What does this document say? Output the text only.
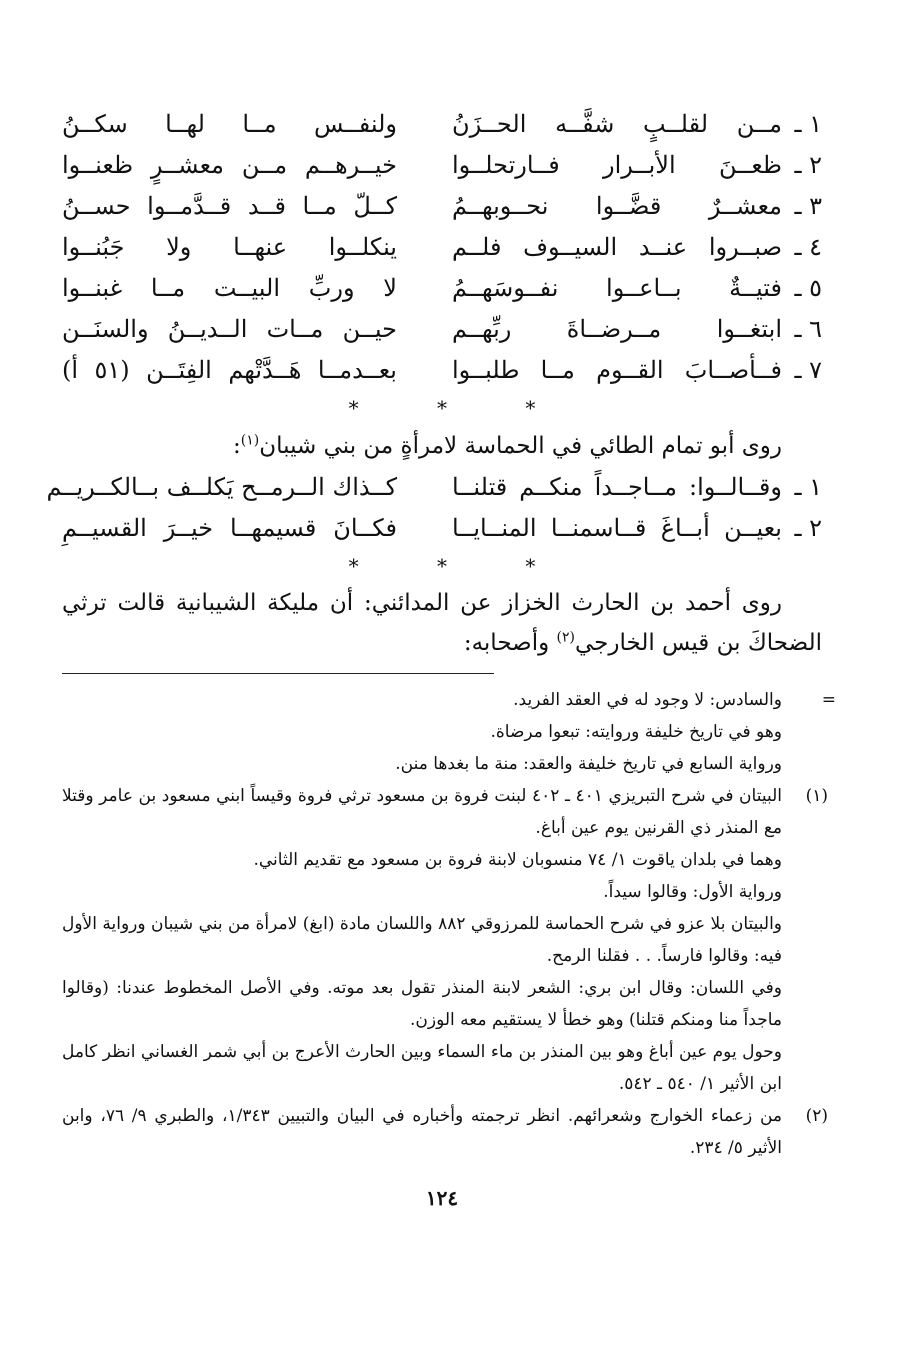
١ ـ
مــن لقلــبٍ شفَّــه الحــزَنُ
ولنفــس مــا لهــا سكــنُ
٢ ـ
ظعــنَ الأبــرار فــارتحلــوا
خيــرهــم مــن معشــرٍ ظعنــوا
٣ ـ
معشــرٌ قضَّــوا نحــوبهــمُ
كــلّ مــا قــد قــدَّمــوا حســنُ
٤ ـ
صبــروا عنــد السيــوف فلــم
ينكلــوا عنهــا ولا جَبُنــوا
٥ ـ
فتيــةٌ بــاعــوا نفــوسَهــمُ
لا وربِّ البيــت مــا غبنــوا
٦ ـ
ابتغــوا مــرضــاةَ ربِّهــم
حيــن مــات الــديــنُ والسنَــن
٧ ـ
فــأصــابَ القــوم مــا طلبــوا
بعــدمــا هَــدَّتْهم الفِتَــن (٥١ أ)
* * *
روى أبو تمام الطائي في الحماسة لامرأةٍ من بني شيبان$^{(١)}$:
١ ـ
وقــالــوا: مــاجــداً منكــم قتلنــا
كــذاك الــرمــح يَكلــف بــالكــريــم
٢ ـ
بعيــن أبــاغَ قــاسمنــا المنــايــا
فكــانَ قسيمهــا خيــرَ القسيــمِ
* * *
روى أحمد بن الحارث الخزاز عن المدائني: أن مليكة الشيبانية قالت ترثي الضحاكَ بن قيس الخارجي$^{(٢)}$ وأصحابه:
=

والسادس: لا وجود له في العقد الفريد.

وهو في تاريخ خليفة وروايته: تبعوا مرضاة.

ورواية السابع في تاريخ خليفة والعقد: منة ما بغدها منن.

(١)

البيتان في شرح التبريزي ٤٠١ ـ ٤٠٢ لبنت فروة بن مسعود ترثي فروة وقيساً ابني مسعود بن عامر وقتلا مع المنذر ذي القرنين يوم عين أباغ.

وهما في بلدان ياقوت ١/ ٧٤ منسوبان لابنة فروة بن مسعود مع تقديم الثاني.

ورواية الأول: وقالوا سيداً.

والبيتان بلا عزو في شرح الحماسة للمرزوقي ٨٨٢ واللسان مادة (ابغ) لامرأة من بني شيبان ورواية الأول فيه: وقالوا فارساً. . . فقلنا الرمح.

وفي اللسان: وقال ابن بري: الشعر لابنة المنذر تقول بعد موته. وفي الأصل المخطوط عندنا: (وقالوا ماجداً منا ومنكم قتلنا) وهو خطأ لا يستقيم معه الوزن.

وحول يوم عين أباغ وهو بين المنذر بن ماء السماء وبين الحارث الأعرج بن أبي شمر الغساني انظر كامل ابن الأثير ١/ ٥٤٠ ـ ٥٤٢.

(٢)

من زعماء الخوارج وشعرائهم. انظر ترجمته وأخباره في البيان والتبيين ١/٣٤٣، والطبري ٩/ ٧٦، وابن الأثير ٥/ ٢٣٤.

١٢٤
